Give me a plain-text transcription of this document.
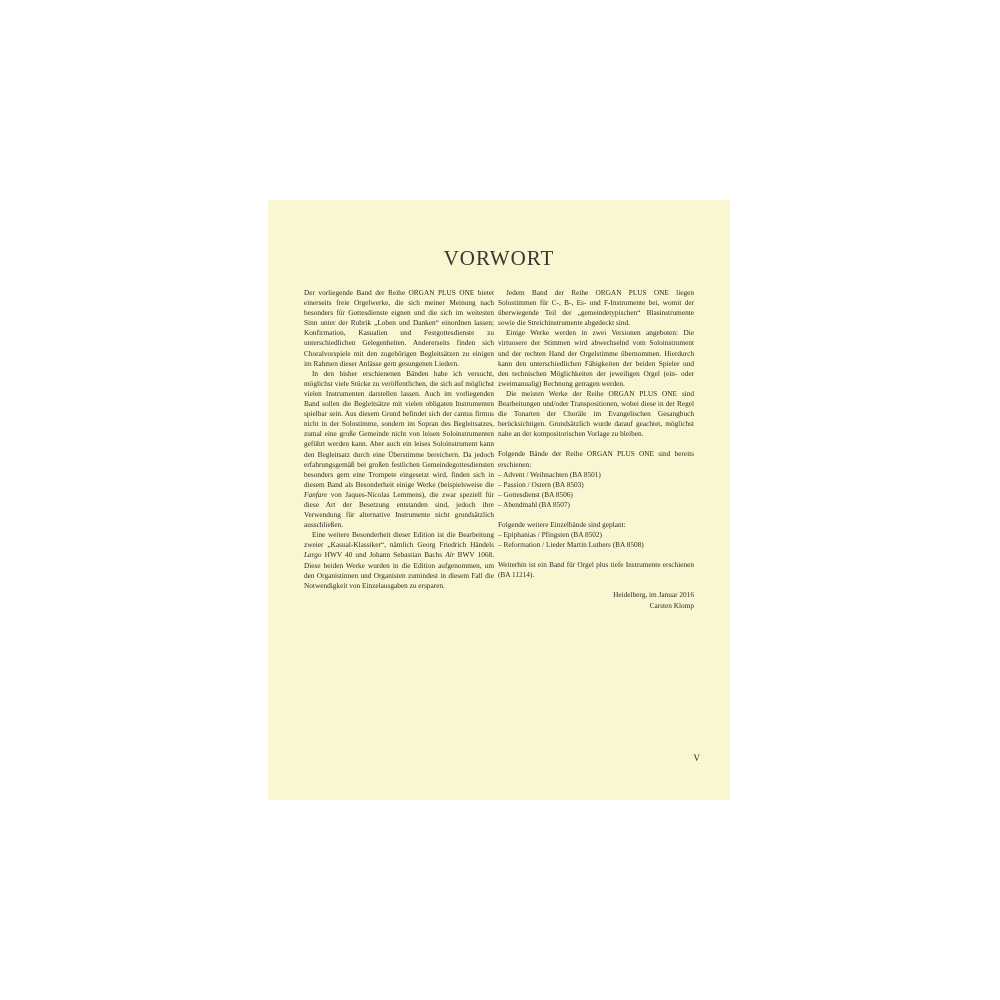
VORWORT

Der vorliegende Band der Reihe ORGAN PLUS ONE bietet einerseits freie Orgelwerke, die sich meiner Meinung nach besonders für Gottesdienste eignen und die sich im weitesten Sinn unter der Rubrik „Loben und Danken“ einordnen lassen; Konfirmation, Kasualien und Festgottesdienste zu unterschiedlichen Gelegenheiten. Andererseits finden sich Choralvorspiele mit den zugehörigen Begleitsätzen zu einigen im Rahmen dieser Anlässe gern gesungenen Liedern.

In den bisher erschienenen Bänden habe ich versucht, möglichst viele Stücke zu veröffentlichen, die sich auf möglichst vielen Instrumenten darstellen lassen. Auch im vorliegenden Band sollen die Begleitsätze mit vielen obligaten Instrumenten spielbar sein. Aus diesem Grund befindet sich der cantus firmus nicht in der Solostimme, sondern im Sopran des Begleitsatzes, zumal eine große Gemeinde nicht von leisen Soloinstrumenten geführt werden kann. Aber auch ein leises Soloinstrument kann den Begleitsatz durch eine Überstimme bereichern. Da jedoch erfahrungsgemäß bei großen festlichen Gemeindegottesdiensten besonders gern eine Trompete eingesetzt wird, finden sich in diesem Band als Besonderheit einige Werke (beispielsweise die Fanfare von Jaques-Nicolas Lemmens), die zwar speziell für diese Art der Besetzung entstanden sind, jedoch ihre Verwendung für alternative Instrumente nicht grundsätzlich ausschließen.

Eine weitere Besonderheit dieser Edition ist die Bearbeitung zweier „Kasual-Klassiker“, nämlich Georg Friedrich Händels Largo HWV 40 und Johann Sebastian Bachs Air BWV 1068. Diese beiden Werke wurden in die Edition aufgenommen, um den Organistinnen und Organisten zumindest in diesem Fall die Notwendigkeit von Einzelausgaben zu ersparen.

Jedem Band der Reihe ORGAN PLUS ONE liegen Solostimmen für C-, B-, Es- und F-Instrumente bei, womit der überwiegende Teil der „gemeindetypischen“ Blasinstrumente sowie die Streichinstrumente abgedeckt sind.

Einige Werke werden in zwei Versionen angeboten: Die virtuosere der Stimmen wird abwechselnd vom Soloinstrument und der rechten Hand der Orgelstimme übernommen. Hierdurch kann den unterschiedlichen Fähigkeiten der beiden Spieler und den technischen Möglichkeiten der jeweiligen Orgel (ein- oder zweimanualig) Rechnung getragen werden.

Die meisten Werke der Reihe ORGAN PLUS ONE sind Bearbeitungen und/oder Transpositionen, wobei diese in der Regel die Tonarten der Choräle im Evangelischen Gesangbuch berücksichtigen. Grundsätzlich wurde darauf geachtet, möglichst nahe an der kompositorischen Vorlage zu bleiben.

Folgende Bände der Reihe ORGAN PLUS ONE sind bereits erschienen:

– Advent / Weihnachten (BA 8501)
– Passion / Ostern (BA 8503)
– Gottesdienst (BA 8506)
– Abendmahl (BA 8507)

Folgende weitere Einzelbände sind geplant:

– Epiphanias / Pfingsten (BA 8502)
– Reformation / Lieder Martin Luthers (BA 8508)

Weiterhin ist ein Band für Orgel plus tiefe Instrumente erschienen (BA 11214).

Heidelberg, im Januar 2016
Carsten Klomp
V
